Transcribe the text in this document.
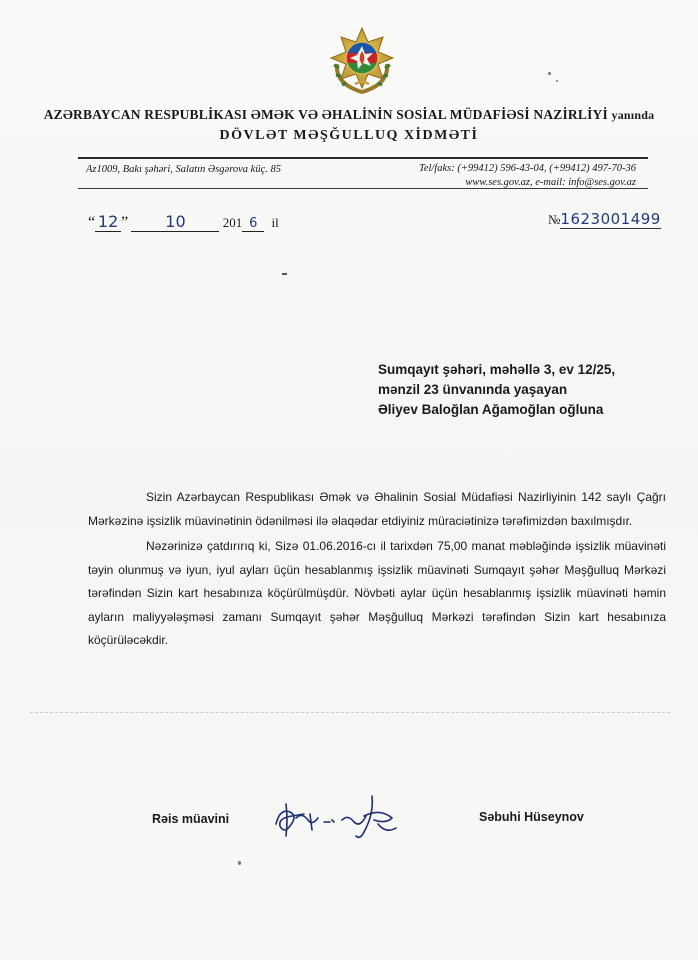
AZƏRBAYCAN RESPUBLİKASI ƏMƏK VƏ ƏHALİNİN SOSİAL MÜDAFİƏSİ NAZİRLİYİ yanında
DÖVLƏT MƏŞĞULLUQ XİDMƏTİ
Az1009, Bakı şəhəri, Salatın Əsgərova küç. 85	Tel/faks: (+99412) 596-43-04, (+99412) 497-70-36
www.ses.gov.az, e-mail: info@ses.gov.az
“ 12 ” 10	201 6 il	№1623001499
Sumqayıt şəhəri, məhəllə 3, ev 12/25,
mənzil 23 ünvanında yaşayan
Əliyev Baloğlan Ağamoğlan oğluna

Sizin Azərbaycan Respublikası Əmək və Əhalinin Sosial Müdafiəsi Nazirliyinin 142 saylı Çağrı Mərkəzinə işsizlik müavinətinin ödənilməsi ilə əlaqədar etdiyiniz müraciətinizə tərəfimizdən baxılmışdır.

Nəzərinizə çatdırırıq ki, Sizə 01.06.2016-cı il tarixdən 75,00 manat məbləğində işsizlik müavinəti təyin olunmuş və iyun, iyul ayları üçün hesablanmış işsizlik müavinəti Sumqayıt şəhər Məşğulluq Mərkəzi tərəfindən Sizin kart hesabınıza köçürülmüşdür. Növbəti aylar üçün hesablanmış işsizlik müavinəti həmin ayların maliyyələşməsi zamanı Sumqayıt şəhər Məşğulluq Mərkəzi tərəfindən Sizin kart hesabınıza köçürüləcəkdir.

Rəis müavini	Səbuhi Hüseynov
